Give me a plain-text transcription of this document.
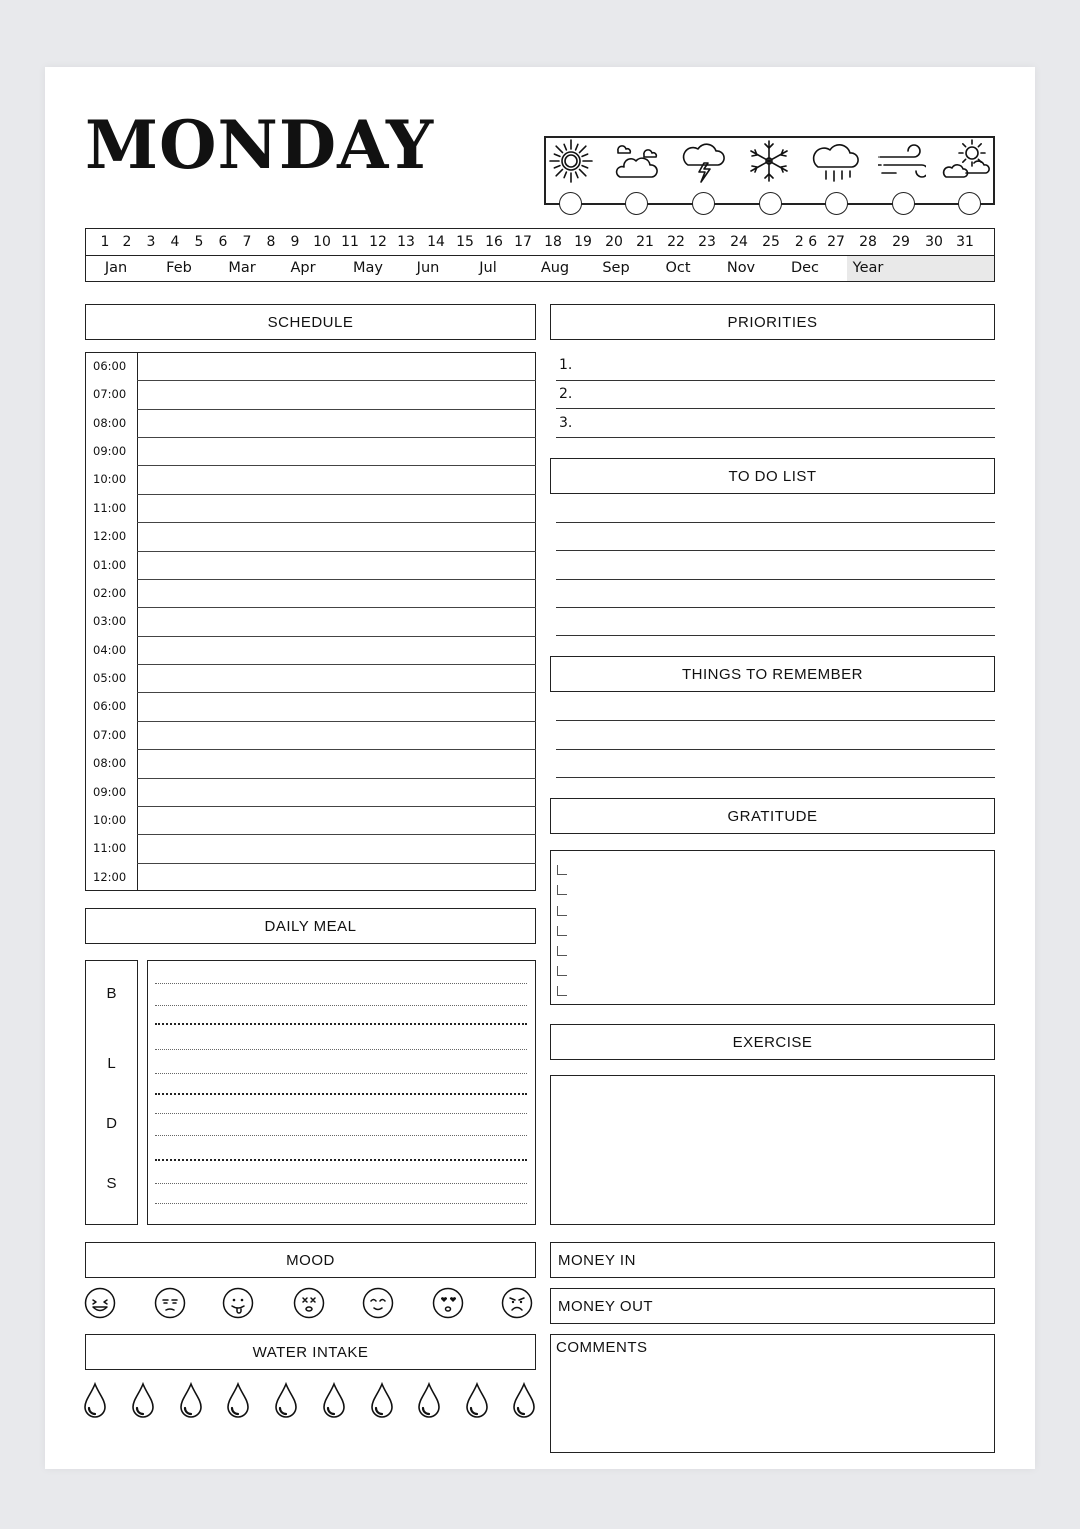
MONDAY
1 2	3	4	5	6	7	8	9 10 11 12 13 14 15 16 17 18 19 20 21 22 23 24 25 2 6 27 28 29 30 31
Jan	Feb	Mar	Apr	May	Jun	Jul	Aug	Sep	Oct	Nov	Dec	Year
SCHEDULE
06:00
07:00
08:00
09:00
10:00
11:00
12:00
01:00
02:00
03:00
04:00
05:00
06:00
07:00
08:00
09:00
10:00
11:00
12:00
PRIORITIES
1.
2.
3.
TO DO LIST
THINGS TO REMEMBER
GRATITUDE
EXERCISE
DAILY MEAL
B
L
D
S
MOOD
WATER INTAKE
MONEY IN
MONEY OUT
COMMENTS
